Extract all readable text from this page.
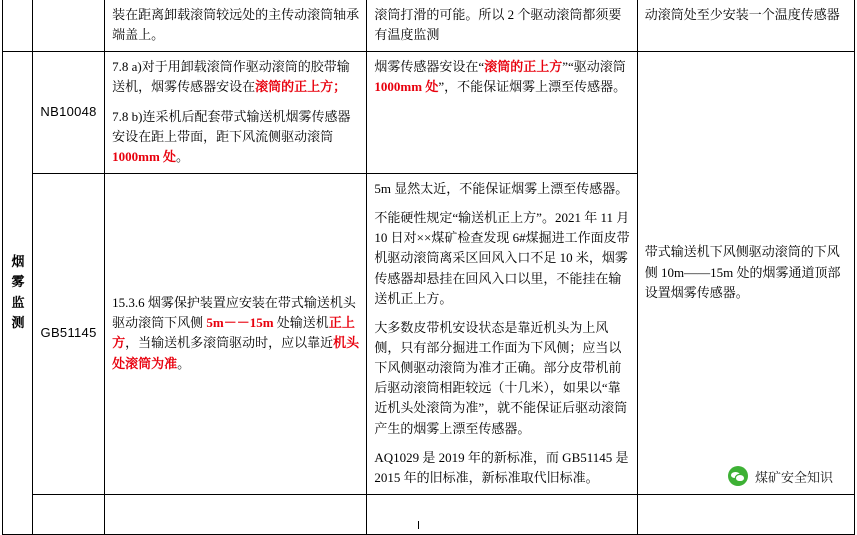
		装在距离卸载滚筒较远处的主传动滚筒轴承端盖上。	滚筒打滑的可能。所以 2 个驱动滚筒都须要有温度监测	动滚筒处至少安装一个温度传感器

烟雾监测	NB10048	7.8 a)对于用卸载滚筒作驱动滚筒的胶带输送机，烟雾传感器安设在滚筒的正上方；

7.8 b)连采机后配套带式输送机烟雾传感器安设在距上带面，距下风流侧驱动滚筒 1000mm 处。	烟雾传感器安设在“滚筒的正上方”“驱动滚筒 1000mm 处”，不能保证烟雾上漂至传感器。	带式输送机下风侧驱动滚筒的下风侧 10m——15m 处的烟雾通道顶部设置烟雾传感器。

	GB51145	15.3.6 烟雾保护装置应安装在带式输送机头驱动滚筒下风侧 5m－－15m 处输送机正上方，当输送机多滚筒驱动时，应以靠近机头处滚筒为准。	5m 显然太近，不能保证烟雾上漂至传感器。

不能硬性规定“输送机正上方”。2021 年 11 月 10 日对××煤矿检查发现 6#煤掘进工作面皮带机驱动滚筒离采区回风入口不足 10 米，烟雾传感器却悬挂在回风入口以里，不能挂在输送机正上方。

大多数皮带机安设状态是靠近机头为上风侧，只有部分掘进工作面为下风侧；应当以下风侧驱动滚筒为准才正确。部分皮带机前后驱动滚筒相距较远（十几米），如果以“靠近机头处滚筒为准”，就不能保证后驱动滚筒产生的烟雾上漂至传感器。

AQ1029 是 2019 年的新标准，而 GB51145 是 2015 年的旧标准，新标准取代旧标准。	

				煤矿安全知识
